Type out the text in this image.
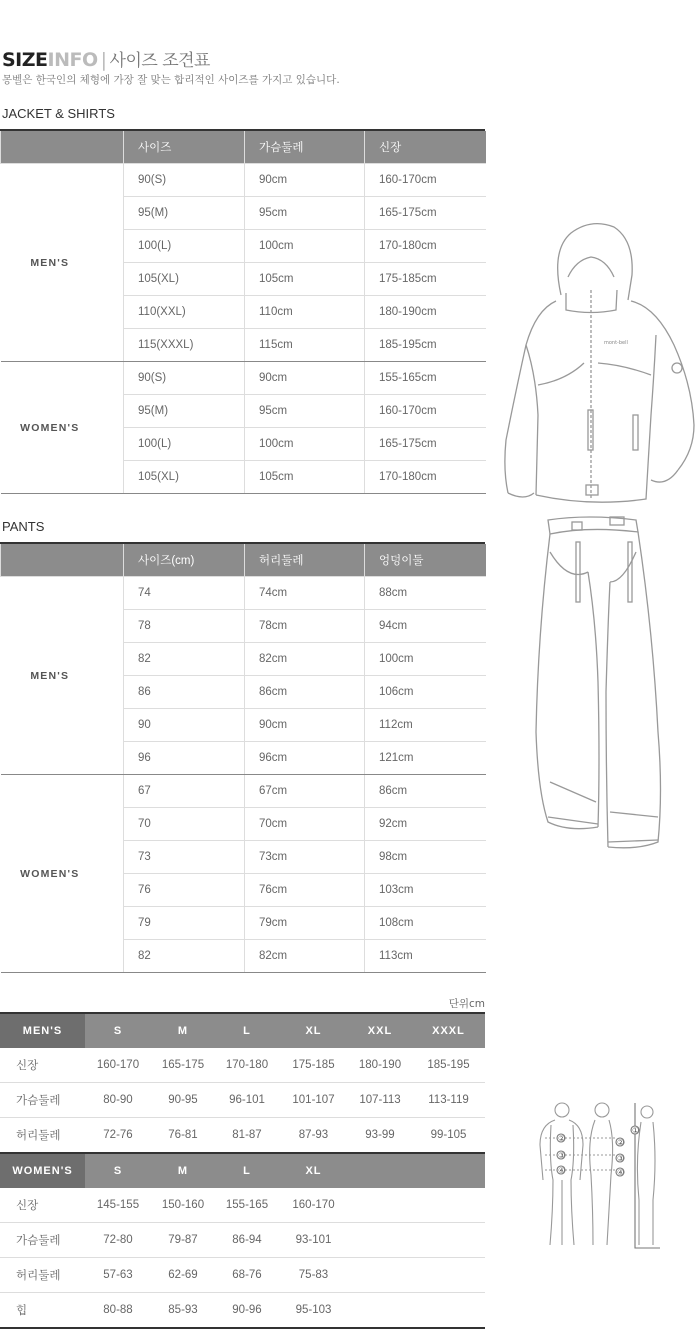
SIZEINFO | 사이즈 조견표
몽벨은 한국인의 체형에 가장 잘 맞는 합리적인 사이즈를 가지고 있습니다.
JACKET & SHIRTS
	사이즈	가슴둘레	신장
MEN'S	90(S)	90cm	160-170cm
	95(M)	95cm	165-175cm
	100(L)	100cm	170-180cm
	105(XL)	105cm	175-185cm
	110(XXL)	110cm	180-190cm
	115(XXXL)	115cm	185-195cm
WOMEN'S	90(S)	90cm	155-165cm
	95(M)	95cm	160-170cm
	100(L)	100cm	165-175cm
	105(XL)	105cm	170-180cm
PANTS
	사이즈(cm)	허리둘레	엉덩이둘
MEN'S	74	74cm	88cm
	78	78cm	94cm
	82	82cm	100cm
	86	86cm	106cm
	90	90cm	112cm
	96	96cm	121cm
WOMEN'S	67	67cm	86cm
	70	70cm	92cm
	73	73cm	98cm
	76	76cm	103cm
	79	79cm	108cm
	82	82cm	113cm
단위cm
MEN'S	S	M	L	XL	XXL	XXXL
신장	160-170	165-175	170-180	175-185	180-190	185-195
가슴둘레	80-90	90-95	96-101	101-107	107-113	113-119
허리둘레	72-76	76-81	81-87	87-93	93-99	99-105
WOMEN'S	S	M	L	XL		
신장	145-155	150-160	155-165	160-170		
가슴둘레	72-80	79-87	86-94	93-101		
허리둘레	57-63	62-69	68-76	75-83		
힙	80-88	85-93	90-96	95-103		
mont-bell
②
③
④
②
③
④
①
